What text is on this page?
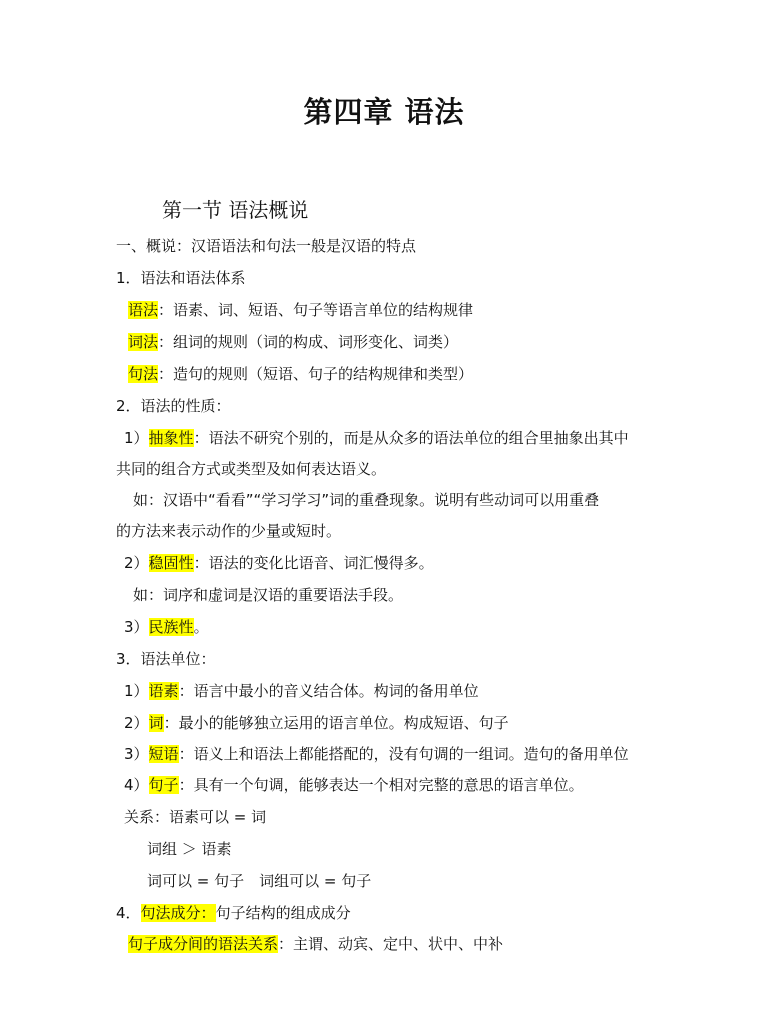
第四章 语法
第一节 语法概说
一、概说：汉语语法和句法一般是汉语的特点
1．语法和语法体系
语法：语素、词、短语、句子等语言单位的结构规律
词法：组词的规则（词的构成、词形变化、词类）
句法：造句的规则（短语、句子的结构规律和类型）
2．语法的性质：
1）抽象性：语法不研究个别的，而是从众多的语法单位的组合里抽象出其中
共同的组合方式或类型及如何表达语义。
如：汉语中“看看”“学习学习”词的重叠现象。说明有些动词可以用重叠
的方法来表示动作的少量或短时。
2）稳固性：语法的变化比语音、词汇慢得多。
如：词序和虚词是汉语的重要语法手段。
3）民族性。
3．语法单位：
1）语素：语言中最小的音义结合体。构词的备用单位
2）词：最小的能够独立运用的语言单位。构成短语、句子
3）短语：语义上和语法上都能搭配的，没有句调的一组词。造句的备用单位
4）句子：具有一个句调，能够表达一个相对完整的意思的语言单位。
关系：语素可以 = 词
词组 ＞ 语素
词可以 = 句子　词组可以 = 句子
4．句法成分：句子结构的组成成分
句子成分间的语法关系：主谓、动宾、定中、状中、中补
